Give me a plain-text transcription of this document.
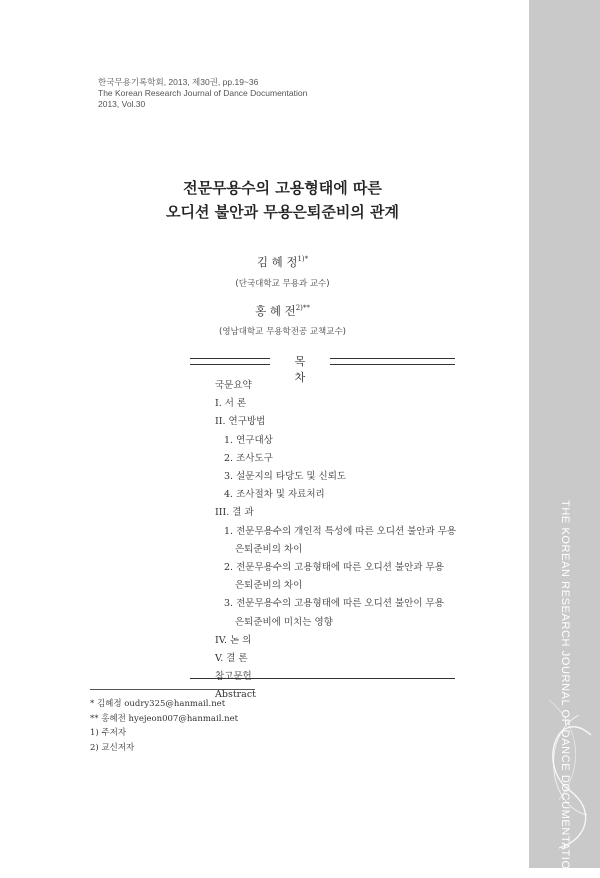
THE KOREAN RESEARCH JOURNAL OF DANCE DOCUMENTATION
한국무용기록학회, 2013, 제30권, pp.19~36
The Korean Research Journal of Dance Documentation
2013, Vol.30
전문무용수의 고용형태에 따른
오디션 불안과 무용은퇴준비의 관계
김 혜 정$^{1)*}$
(단국대학교 무용과 교수)
홍 혜 전$^{2)**}$
(영남대학교 무용학전공 교책교수)
목 차
국문요약
I. 서 론
II. 연구방법
1. 연구대상
2. 조사도구
3. 설문지의 타당도 및 신뢰도
4. 조사절차 및 자료처리
III. 결 과
1. 전문무용수의 개인적 특성에 따른 오디션 불안과 무용
은퇴준비의 차이
2. 전문무용수의 고용형태에 따른 오디션 불안과 무용
은퇴준비의 차이
3. 전문무용수의 고용형태에 따른 오디션 불안이 무용
은퇴준비에 미치는 영향
IV. 논 의
V. 결 론
참고문헌
Abstract
* 김혜정 oudry325@hanmail.net
** 홍혜전 hyejeon007@hanmail.net
1) 주저자
2) 교신저자
